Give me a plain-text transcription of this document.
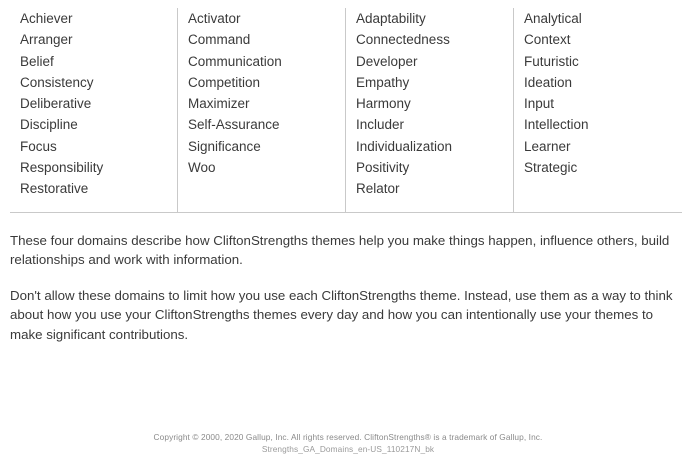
Achiever
Arranger
Belief
Consistency
Deliberative
Discipline
Focus
Responsibility
Restorative
Activator
Command
Communication
Competition
Maximizer
Self-Assurance
Significance
Woo
Adaptability
Connectedness
Developer
Empathy
Harmony
Includer
Individualization
Positivity
Relator
Analytical
Context
Futuristic
Ideation
Input
Intellection
Learner
Strategic

These four domains describe how CliftonStrengths themes help you make things happen, influence others, build relationships and work with information.

Don't allow these domains to limit how you use each CliftonStrengths theme. Instead, use them as a way to think about how you use your CliftonStrengths themes every day and how you can intentionally use your themes to make significant contributions.

Copyright © 2000, 2020 Gallup, Inc. All rights reserved. CliftonStrengths® is a trademark of Gallup, Inc.
Strengths_GA_Domains_en-US_110217N_bk
